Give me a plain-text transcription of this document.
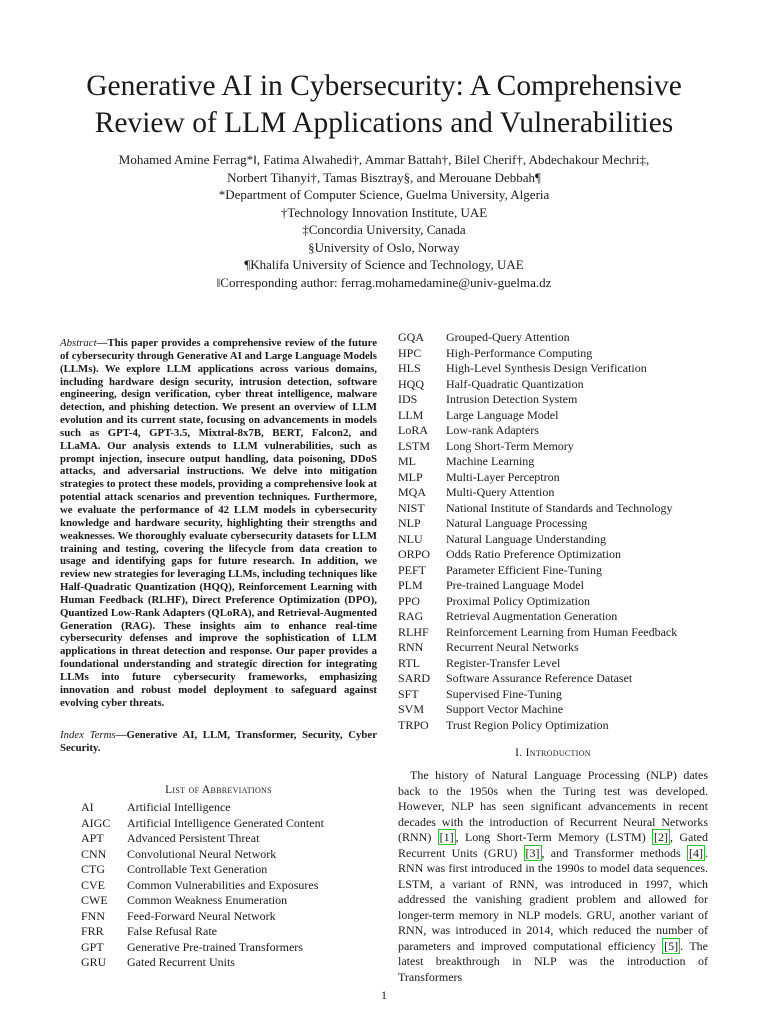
Generative AI in Cybersecurity: A Comprehensive
Review of LLM Applications and Vulnerabilities
Mohamed Amine Ferrag*‖, Fatima Alwahedi†, Ammar Battah†, Bilel Cherif†, Abdechakour Mechri‡,
Norbert Tihanyi†, Tamas Bisztray§, and Merouane Debbah¶
*Department of Computer Science, Guelma University, Algeria
†Technology Innovation Institute, UAE
‡Concordia University, Canada
§University of Oslo, Norway
¶Khalifa University of Science and Technology, UAE
‖Corresponding author: ferrag.mohamedamine@univ-guelma.dz
Abstract—This paper provides a comprehensive review of the future of cybersecurity through Generative AI and Large Language Models (LLMs). We explore LLM applications across various domains, including hardware design security, intrusion detection, software engineering, design verification, cyber threat intelligence, malware detection, and phishing detection. We present an overview of LLM evolution and its current state, focusing on advancements in models such as GPT-4, GPT-3.5, Mixtral-8x7B, BERT, Falcon2, and LLaMA. Our analysis extends to LLM vulnerabilities, such as prompt injection, insecure output handling, data poisoning, DDoS attacks, and adversarial instructions. We delve into mitigation strategies to protect these models, providing a comprehensive look at potential attack scenarios and prevention techniques. Furthermore, we evaluate the performance of 42 LLM models in cybersecurity knowledge and hardware security, highlighting their strengths and weaknesses. We thoroughly evaluate cybersecurity datasets for LLM training and testing, covering the lifecycle from data creation to usage and identifying gaps for future research. In addition, we review new strategies for leveraging LLMs, including techniques like Half-Quadratic Quantization (HQQ), Reinforcement Learning with Human Feedback (RLHF), Direct Preference Optimization (DPO), Quantized Low-Rank Adapters (QLoRA), and Retrieval-Augmented Generation (RAG). These insights aim to enhance real-time cybersecurity defenses and improve the sophistication of LLM applications in threat detection and response. Our paper provides a foundational understanding and strategic direction for integrating LLMs into future cybersecurity frameworks, emphasizing innovation and robust model deployment to safeguard against evolving cyber threats.
Index Terms—Generative AI, LLM, Transformer, Security, Cyber Security.
List of Abbreviations
AI	Artificial Intelligence
AIGC	Artificial Intelligence Generated Content
APT	Advanced Persistent Threat
CNN	Convolutional Neural Network
CTG	Controllable Text Generation
CVE	Common Vulnerabilities and Exposures
CWE	Common Weakness Enumeration
FNN	Feed-Forward Neural Network
FRR	False Refusal Rate
GPT	Generative Pre-trained Transformers
GRU	Gated Recurrent Units
GQA	Grouped-Query Attention
HPC	High-Performance Computing
HLS	High-Level Synthesis Design Verification
HQQ	Half-Quadratic Quantization
IDS	Intrusion Detection System
LLM	Large Language Model
LoRA	Low-rank Adapters
LSTM	Long Short-Term Memory
ML	Machine Learning
MLP	Multi-Layer Perceptron
MQA	Multi-Query Attention
NIST	National Institute of Standards and Technology
NLP	Natural Language Processing
NLU	Natural Language Understanding
ORPO	Odds Ratio Preference Optimization
PEFT	Parameter Efficient Fine-Tuning
PLM	Pre-trained Language Model
PPO	Proximal Policy Optimization
RAG	Retrieval Augmentation Generation
RLHF	Reinforcement Learning from Human Feedback
RNN	Recurrent Neural Networks
RTL	Register-Transfer Level
SARD	Software Assurance Reference Dataset
SFT	Supervised Fine-Tuning
SVM	Support Vector Machine
TRPO	Trust Region Policy Optimization
I. Introduction
The history of Natural Language Processing (NLP) dates back to the 1950s when the Turing test was developed. However, NLP has seen significant advancements in recent decades with the introduction of Recurrent Neural Networks (RNN) [1] , Long Short-Term Memory (LSTM) [2] , Gated Recurrent Units (GRU) [3] , and Transformer methods [4] . RNN was first introduced in the 1990s to model data sequences. LSTM, a variant of RNN, was introduced in 1997, which addressed the vanishing gradient problem and allowed for longer-term memory in NLP models. GRU, another variant of RNN, was introduced in 2014, which reduced the number of parameters and improved computational efficiency [5] . The latest breakthrough in NLP was the introduction of Transformers
1
